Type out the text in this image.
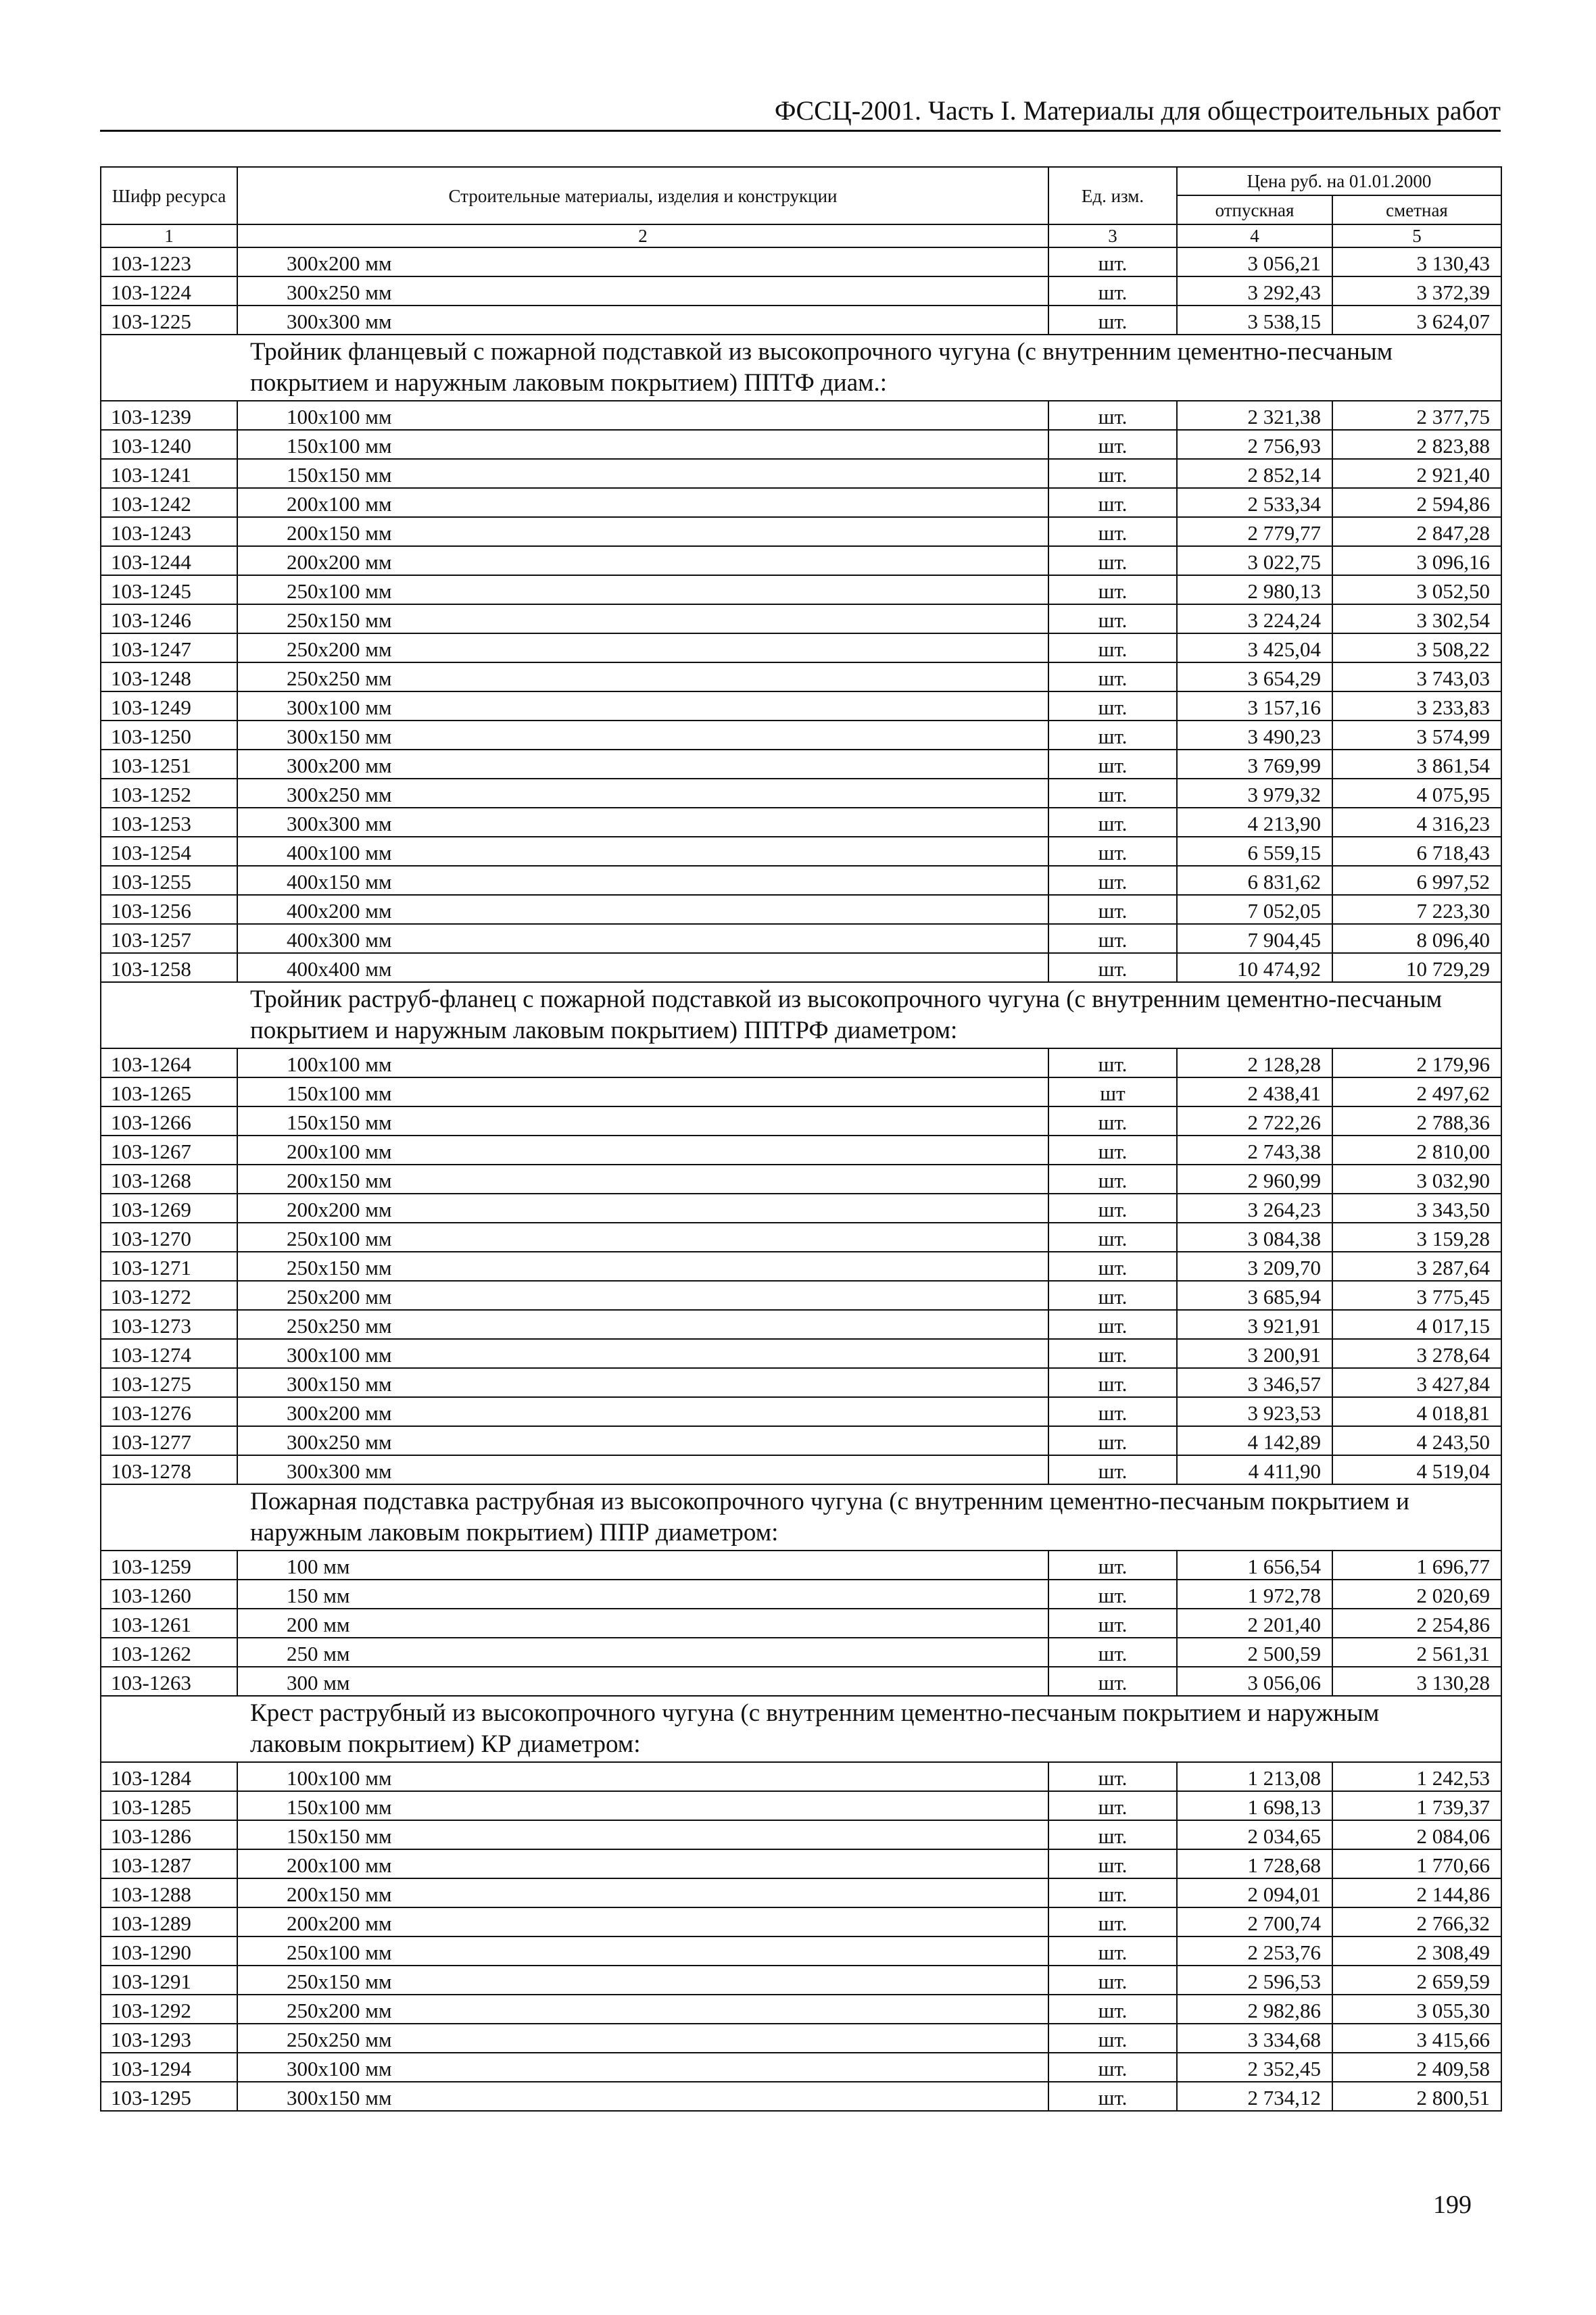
ФССЦ-2001. Часть I. Материалы для общестроительных работ
Шифр ресурса	Строительные материалы, изделия и конструкции	Ед. изм.	Цена руб. на 01.01.2000	
			отпускная	сметная
1	2	3	4	5
103-1223	300х200 мм	шт.	3 056,21	3 130,43
103-1224	300х250 мм	шт.	3 292,43	3 372,39
103-1225	300х300 мм	шт.	3 538,15	3 624,07
Тройник фланцевый с пожарной подставкой из высокопрочного чугуна (с внутренним цементно-песчаным покрытием и наружным лаковым покрытием) ППТФ диам.:				
103-1239	100х100 мм	шт.	2 321,38	2 377,75
103-1240	150х100 мм	шт.	2 756,93	2 823,88
103-1241	150х150 мм	шт.	2 852,14	2 921,40
103-1242	200х100 мм	шт.	2 533,34	2 594,86
103-1243	200х150 мм	шт.	2 779,77	2 847,28
103-1244	200х200 мм	шт.	3 022,75	3 096,16
103-1245	250х100 мм	шт.	2 980,13	3 052,50
103-1246	250х150 мм	шт.	3 224,24	3 302,54
103-1247	250х200 мм	шт.	3 425,04	3 508,22
103-1248	250х250 мм	шт.	3 654,29	3 743,03
103-1249	300х100 мм	шт.	3 157,16	3 233,83
103-1250	300х150 мм	шт.	3 490,23	3 574,99
103-1251	300х200 мм	шт.	3 769,99	3 861,54
103-1252	300х250 мм	шт.	3 979,32	4 075,95
103-1253	300х300 мм	шт.	4 213,90	4 316,23
103-1254	400х100 мм	шт.	6 559,15	6 718,43
103-1255	400х150 мм	шт.	6 831,62	6 997,52
103-1256	400х200 мм	шт.	7 052,05	7 223,30
103-1257	400х300 мм	шт.	7 904,45	8 096,40
103-1258	400х400 мм	шт.	10 474,92	10 729,29
Тройник раструб-фланец с пожарной подставкой из высокопрочного чугуна (с внутренним цементно-песчаным покрытием и наружным лаковым покрытием) ППТРФ диаметром:				
103-1264	100х100 мм	шт.	2 128,28	2 179,96
103-1265	150х100 мм	шт	2 438,41	2 497,62
103-1266	150х150 мм	шт.	2 722,26	2 788,36
103-1267	200х100 мм	шт.	2 743,38	2 810,00
103-1268	200х150 мм	шт.	2 960,99	3 032,90
103-1269	200х200 мм	шт.	3 264,23	3 343,50
103-1270	250х100 мм	шт.	3 084,38	3 159,28
103-1271	250х150 мм	шт.	3 209,70	3 287,64
103-1272	250х200 мм	шт.	3 685,94	3 775,45
103-1273	250х250 мм	шт.	3 921,91	4 017,15
103-1274	300х100 мм	шт.	3 200,91	3 278,64
103-1275	300х150 мм	шт.	3 346,57	3 427,84
103-1276	300х200 мм	шт.	3 923,53	4 018,81
103-1277	300х250 мм	шт.	4 142,89	4 243,50
103-1278	300х300 мм	шт.	4 411,90	4 519,04
Пожарная подставка раструбная из высокопрочного чугуна (с внутренним цементно-песчаным покрытием и наружным лаковым покрытием) ППР диаметром:				
103-1259	100 мм	шт.	1 656,54	1 696,77
103-1260	150 мм	шт.	1 972,78	2 020,69
103-1261	200 мм	шт.	2 201,40	2 254,86
103-1262	250 мм	шт.	2 500,59	2 561,31
103-1263	300 мм	шт.	3 056,06	3 130,28
Крест раструбный из высокопрочного чугуна (с внутренним цементно-песчаным покрытием и наружным лаковым покрытием) КР диаметром:				
103-1284	100х100 мм	шт.	1 213,08	1 242,53
103-1285	150х100 мм	шт.	1 698,13	1 739,37
103-1286	150х150 мм	шт.	2 034,65	2 084,06
103-1287	200х100 мм	шт.	1 728,68	1 770,66
103-1288	200х150 мм	шт.	2 094,01	2 144,86
103-1289	200х200 мм	шт.	2 700,74	2 766,32
103-1290	250х100 мм	шт.	2 253,76	2 308,49
103-1291	250х150 мм	шт.	2 596,53	2 659,59
103-1292	250х200 мм	шт.	2 982,86	3 055,30
103-1293	250х250 мм	шт.	3 334,68	3 415,66
103-1294	300х100 мм	шт.	2 352,45	2 409,58
103-1295	300х150 мм	шт.	2 734,12	2 800,51
199
